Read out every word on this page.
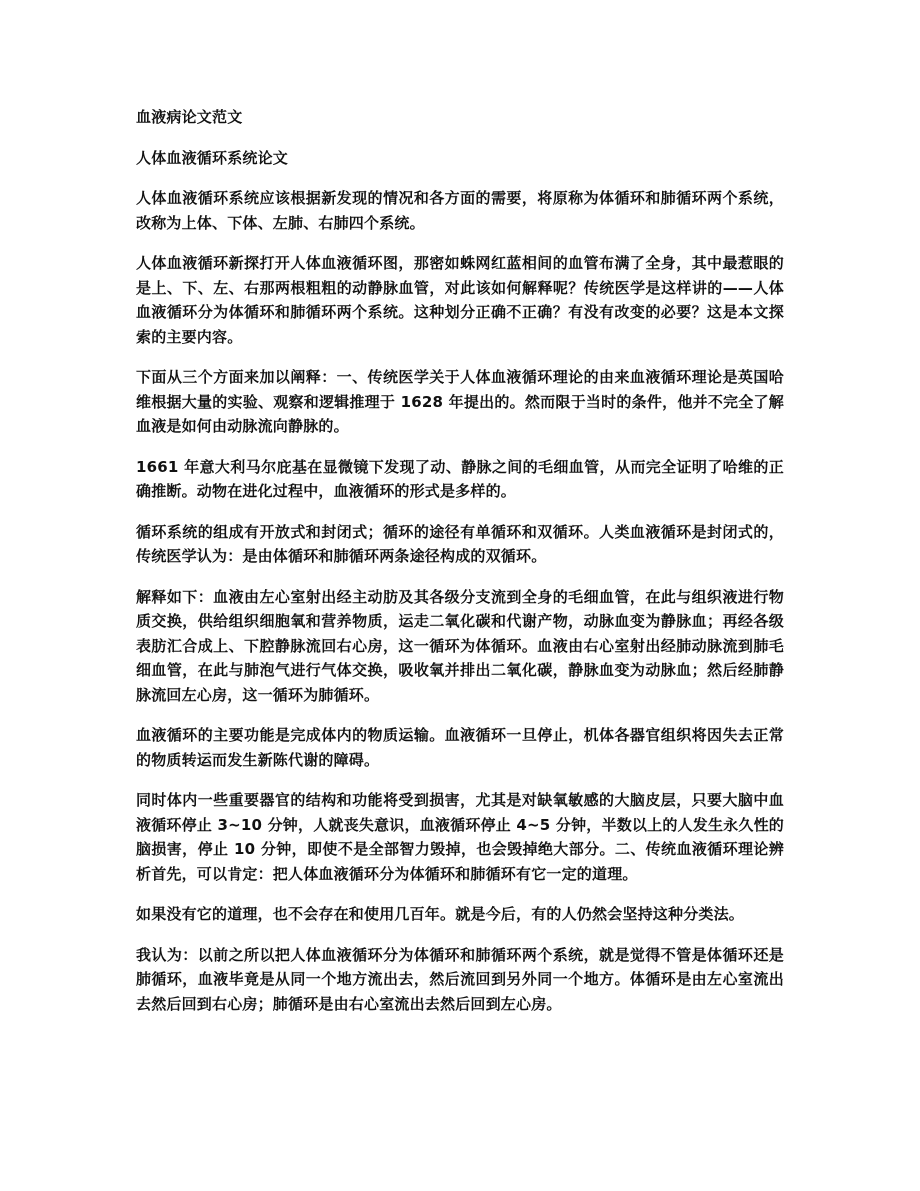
血液病论文范文

人体血液循环系统论文

人体血液循环系统应该根据新发现的情况和各方面的需要，将原称为体循环和肺循环两个系统，改称为上体、下体、左肺、右肺四个系统。

人体血液循环新探打开人体血液循环图，那密如蛛网红蓝相间的血管布满了全身，其中最惹眼的是上、下、左、右那两根粗粗的动静脉血管，对此该如何解释呢？传统医学是这样讲的——人体血液循环分为体循环和肺循环两个系统。这种划分正确不正确？有没有改变的必要？这是本文探索的主要内容。

下面从三个方面来加以阐释：一、传统医学关于人体血液循环理论的由来血液循环理论是英国哈维根据大量的实验、观察和逻辑推理于 1628 年提出的。然而限于当时的条件，他并不完全了解血液是如何由动脉流向静脉的。

1661 年意大利马尔庇基在显微镜下发现了动、静脉之间的毛细血管，从而完全证明了哈维的正确推断。动物在进化过程中，血液循环的形式是多样的。

循环系统的组成有开放式和封闭式；循环的途径有单循环和双循环。人类血液循环是封闭式的，传统医学认为：是由体循环和肺循环两条途径构成的双循环。

解释如下：血液由左心室射出经主动肪及其各级分支流到全身的毛细血管，在此与组织液进行物质交换，供给组织细胞氧和营养物质，运走二氧化碳和代谢产物，动脉血变为静脉血；再经各级表肪汇合成上、下腔静脉流回右心房，这一循环为体循环。血液由右心室射出经肺动脉流到肺毛细血管，在此与肺泡气进行气体交换，吸收氧并排出二氧化碳，静脉血变为动脉血；然后经肺静脉流回左心房，这一循环为肺循环。

血液循环的主要功能是完成体内的物质运输。血液循环一旦停止，机体各器官组织将因失去正常的物质转运而发生新陈代谢的障碍。

同时体内一些重要器官的结构和功能将受到损害，尤其是对缺氧敏感的大脑皮层，只要大脑中血液循环停止 3~10 分钟，人就丧失意识，血液循环停止 4~5 分钟，半数以上的人发生永久性的脑损害，停止 10 分钟，即使不是全部智力毁掉，也会毁掉绝大部分。二、传统血液循环理论辨析首先，可以肯定：把人体血液循环分为体循环和肺循环有它一定的道理。

如果没有它的道理，也不会存在和使用几百年。就是今后，有的人仍然会坚持这种分类法。

我认为：以前之所以把人体血液循环分为体循环和肺循环两个系统，就是觉得不管是体循环还是肺循环，血液毕竟是从同一个地方流出去，然后流回到另外同一个地方。体循环是由左心室流出去然后回到右心房；肺循环是由右心室流出去然后回到左心房。
